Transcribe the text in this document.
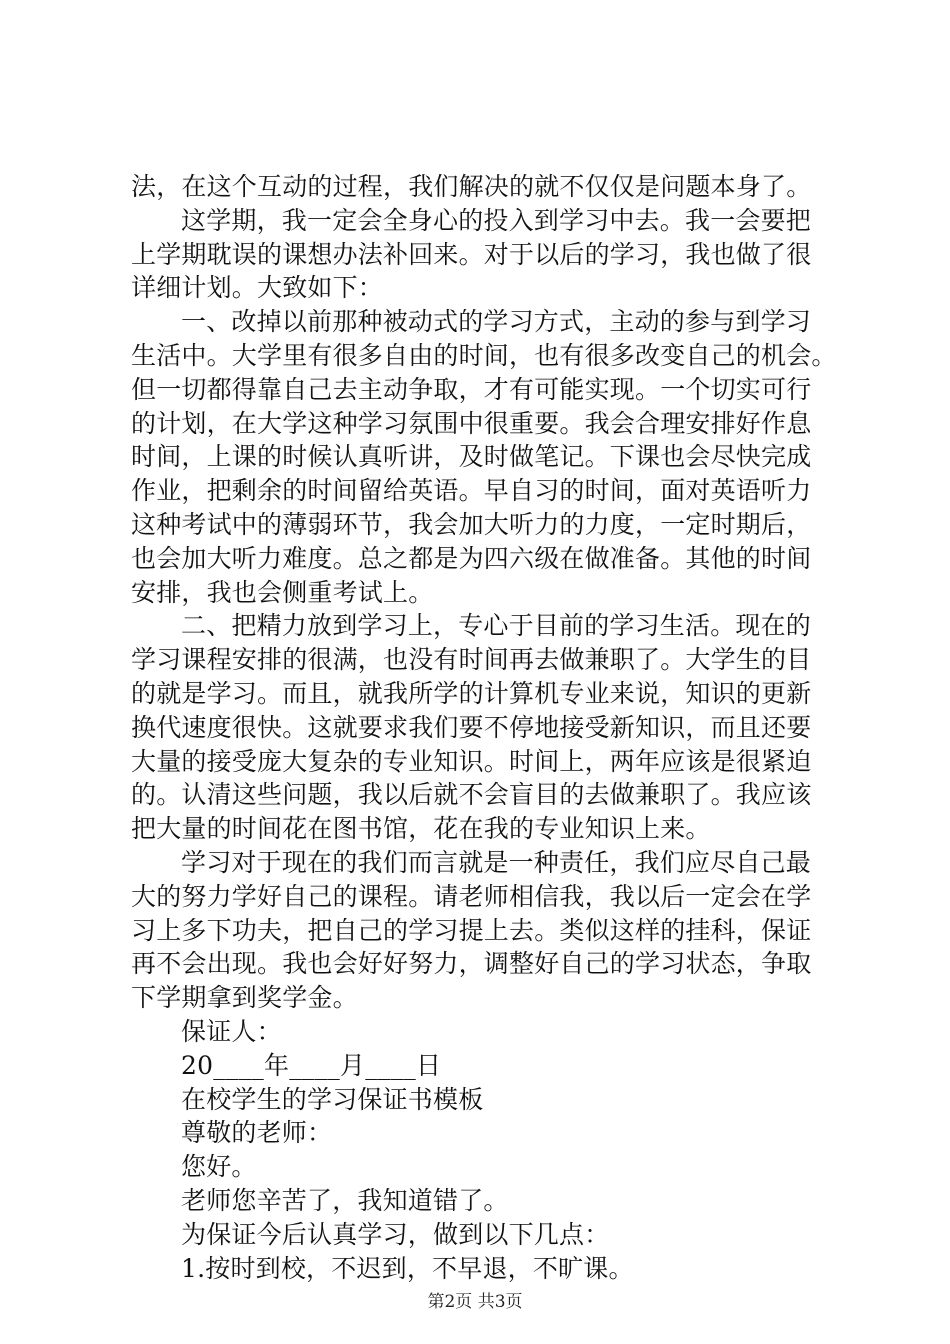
法，在这个互动的过程，我们解决的就不仅仅是问题本身了。
这学期，我一定会全身心的投入到学习中去。我一会要把
上学期耽误的课想办法补回来。对于以后的学习，我也做了很
详细计划。大致如下：
一、改掉以前那种被动式的学习方式，主动的参与到学习
生活中。大学里有很多自由的时间，也有很多改变自己的机会。
但一切都得靠自己去主动争取，才有可能实现。一个切实可行
的计划，在大学这种学习氛围中很重要。我会合理安排好作息
时间，上课的时候认真听讲，及时做笔记。下课也会尽快完成
作业，把剩余的时间留给英语。早自习的时间，面对英语听力
这种考试中的薄弱环节，我会加大听力的力度，一定时期后，
也会加大听力难度。总之都是为四六级在做准备。其他的时间
安排，我也会侧重考试上。
二、把精力放到学习上，专心于目前的学习生活。现在的
学习课程安排的很满，也没有时间再去做兼职了。大学生的目
的就是学习。而且，就我所学的计算机专业来说，知识的更新
换代速度很快。这就要求我们要不停地接受新知识，而且还要
大量的接受庞大复杂的专业知识。时间上，两年应该是很紧迫
的。认清这些问题，我以后就不会盲目的去做兼职了。我应该
把大量的时间花在图书馆，花在我的专业知识上来。
学习对于现在的我们而言就是一种责任，我们应尽自己最
大的努力学好自己的课程。请老师相信我，我以后一定会在学
习上多下功夫，把自己的学习提上去。类似这样的挂科，保证
再不会出现。我也会好好努力，调整好自己的学习状态，争取
下学期拿到奖学金。
保证人：
20____年____月____日
在校学生的学习保证书模板
尊敬的老师：
您好。
老师您辛苦了，我知道错了。
为保证今后认真学习，做到以下几点：
1.按时到校，不迟到，不早退，不旷课。
第2页 共3页
